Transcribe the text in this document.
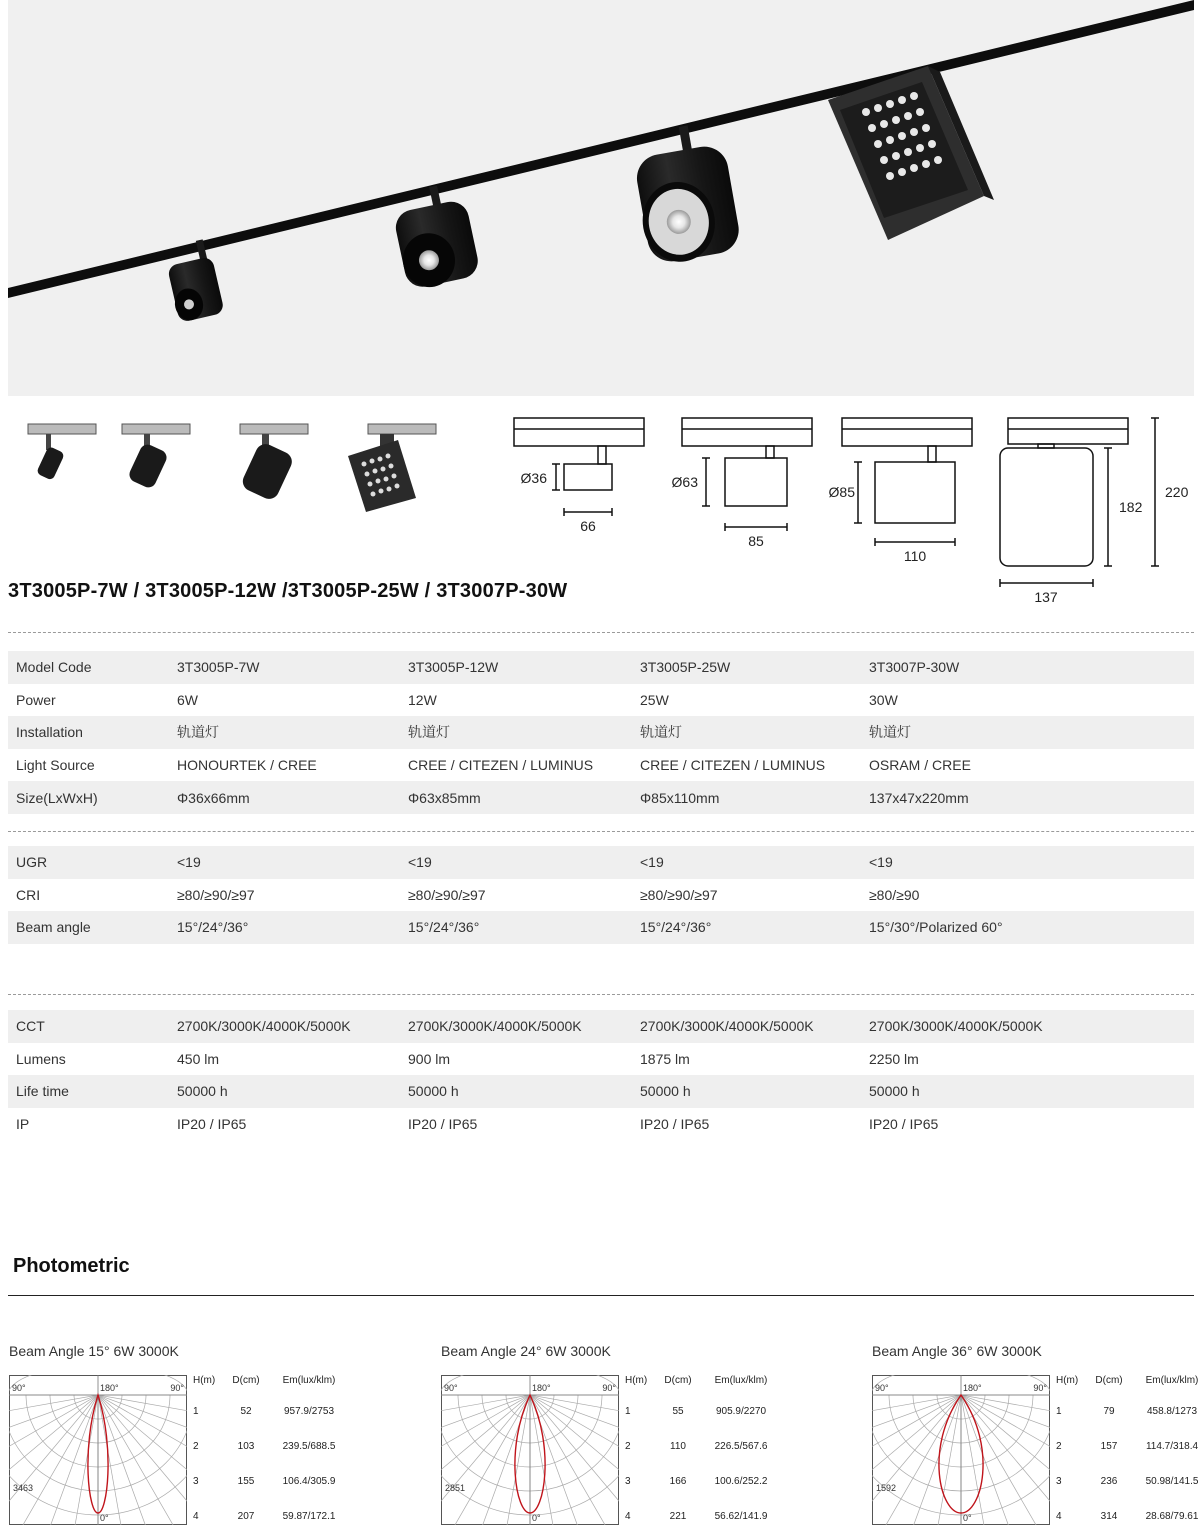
Ø36
66
Ø63
85
Ø85
110
137
182
220
3T3005P-7W / 3T3005P-12W /3T3005P-25W / 3T3007P-30W
Model Code	3T3005P-7W	3T3005P-12W	3T3005P-25W	3T3007P-30W
Power	6W	12W	25W	30W
Installation	轨道灯	轨道灯	轨道灯	轨道灯
Light Source	HONOURTEK / CREE	CREE / CITEZEN / LUMINUS	CREE / CITEZEN / LUMINUS	OSRAM / CREE
Size(LxWxH)	Φ36x66mm	Φ63x85mm	Φ85x110mm	137x47x220mm
UGR	<19	<19	<19	<19
CRI	≥80/≥90/≥97	≥80/≥90/≥97	≥80/≥90/≥97	≥80/≥90
Beam angle	15°/24°/36°	15°/24°/36°	15°/24°/36°	15°/30°/Polarized 60°
CCT	2700K/3000K/4000K/5000K	2700K/3000K/4000K/5000K	2700K/3000K/4000K/5000K	2700K/3000K/4000K/5000K
Lumens	450 lm	900 lm	1875 lm	2250 lm
Life time	50000 h	50000 h	50000 h	50000 h
IP	IP20 / IP65	IP20 / IP65	IP20 / IP65	IP20 / IP65
Photometric
Beam Angle 15° 6W 3000K
90°	180°	90°
0°
3463
H(m)	D(cm)	Em(lux/klm)
1	52	957.9/2753
2	103	239.5/688.5
3	155	106.4/305.9
4	207	59.87/172.1
Beam Angle 24° 6W 3000K
90°	180°	90°
0°
2851
H(m)	D(cm)	Em(lux/klm)
1	55	905.9/2270
2	110	226.5/567.6
3	166	100.6/252.2
4	221	56.62/141.9
Beam Angle 36° 6W 3000K
90°	180°	90°
0°
1592
H(m)	D(cm)	Em(lux/klm)
1	79	458.8/1273
2	157	114.7/318.4
3	236	50.98/141.5
4	314	28.68/79.61
